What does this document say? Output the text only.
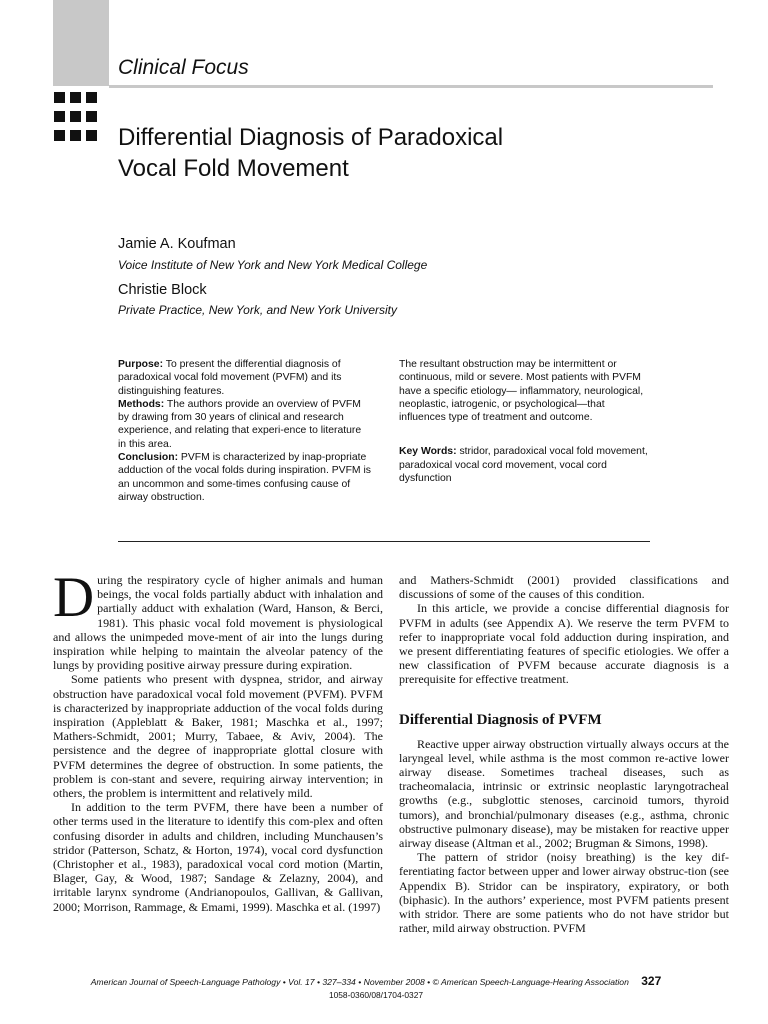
Clinical Focus
Differential Diagnosis of Paradoxical
Vocal Fold Movement

Jamie A. Koufman

Voice Institute of New York and New York Medical College

Christie Block

Private Practice, New York, and New York University

Purpose: To present the differential diagnosis of paradoxical vocal fold movement (PVFM) and its distinguishing features.

Methods: The authors provide an overview of PVFM by drawing from 30 years of clinical and research experience, and relating that experi-ence to literature in this area.

Conclusion: PVFM is characterized by inap-propriate adduction of the vocal folds during inspiration. PVFM is an uncommon and some-times confusing cause of airway obstruction.

The resultant obstruction may be intermittent or continuous, mild or severe. Most patients with PVFM have a specific etiology— inflammatory, neurological, neoplastic, iatrogenic, or psychological—that influences type of treatment and outcome.

Key Words: stridor, paradoxical vocal fold movement, paradoxical vocal cord movement, vocal cord dysfunction

During the respiratory cycle of higher animals and human beings, the vocal folds partially abduct with inhalation and partially adduct with exhalation (Ward, Hanson, & Berci, 1981). This phasic vocal fold movement is physiological and allows the unimpeded move-ment of air into the lungs during inspiration while helping to maintain the alveolar patency of the lungs by providing positive airway pressure during expiration.

Some patients who present with dyspnea, stridor, and airway obstruction have paradoxical vocal fold movement (PVFM). PVFM is characterized by inappropriate adduction of the vocal folds during inspiration (Appleblatt & Baker, 1981; Maschka et al., 1997; Mathers-Schmidt, 2001; Murry, Tabaee, & Aviv, 2004). The persistence and the degree of inappropriate glottal closure with PVFM determines the degree of obstruction. In some patients, the problem is con-stant and severe, requiring airway intervention; in others, the problem is intermittent and relatively mild.

In addition to the term PVFM, there have been a number of other terms used in the literature to identify this com-plex and often confusing disorder in adults and children, including Munchausen’s stridor (Patterson, Schatz, & Horton, 1974), vocal cord dysfunction (Christopher et al., 1983), paradoxical vocal cord motion (Martin, Blager, Gay, & Wood, 1987; Sandage & Zelazny, 2004), and irritable larynx syndrome (Andrianopoulos, Gallivan, & Gallivan, 2000; Morrison, Rammage, & Emami, 1999). Maschka et al. (1997)

and Mathers-Schmidt (2001) provided classifications and discussions of some of the causes of this condition.

In this article, we provide a concise differential diagnosis for PVFM in adults (see Appendix A). We reserve the term PVFM to refer to inappropriate vocal fold adduction during inspiration, and we present differentiating features of specific etiologies. We offer a new classification of PVFM because accurate diagnosis is a prerequisite for effective treatment.

Differential Diagnosis of PVFM

Reactive upper airway obstruction virtually always occurs at the laryngeal level, while asthma is the most common re-active lower airway disease. Sometimes tracheal diseases, such as tracheomalacia, intrinsic or extrinsic neoplastic laryngotracheal growths (e.g., subglottic stenoses, carcinoid tumors, thyroid tumors), and bronchial/pulmonary diseases (e.g., asthma, chronic obstructive pulmonary disease), may be mistaken for reactive upper airway disease (Altman et al., 2002; Brugman & Simons, 1998).

The pattern of stridor (noisy breathing) is the key dif-ferentiating factor between upper and lower airway obstruc-tion (see Appendix B). Stridor can be inspiratory, expiratory, or both (biphasic). In the authors’ experience, most PVFM patients present with stridor. There are some patients who do not have stridor but rather, mild airway obstruction. PVFM

American Journal of Speech-Language Pathology • Vol. 17 • 327–334 • November 2008 • © American Speech-Language-Hearing Association 327
1058-0360/08/1704-0327
